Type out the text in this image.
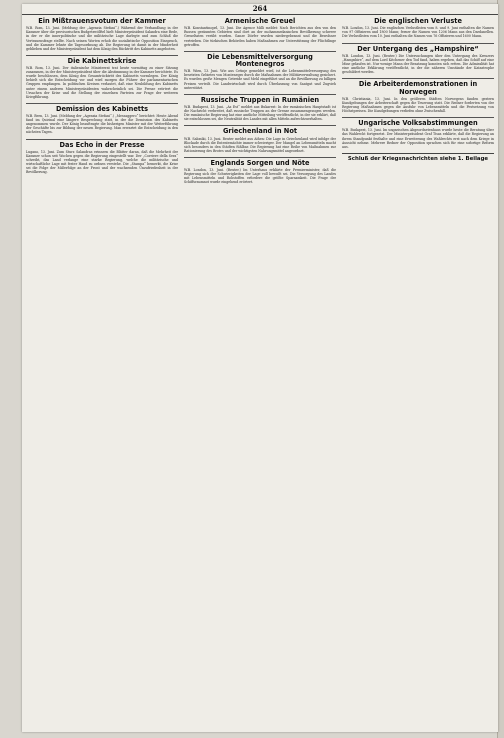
264
Ein Mißtrauensvotum der Kammer

W.B. Rom, 13. Juni. (Meldung der „Agenzia Stefani“.) Während der Verhandlung in der Kammer über die provisorischen Budgetzwölftel hielt Ministerpräsident Salandra eine Rede, in der er die innerpolitische und die militärische Lage darlegte und zum Schluß die Vertrauensfrage stellte. Nach seinen Worten erhob die sozialistische Opposition Einspruch, und die Kammer lehnte die Tagesordnung ab. Die Regierung ist damit in der Minderheit geblieben und der Ministerpräsident hat dem König den Rücktritt des Kabinetts angeboten.

Die Kabinettskrise

W.B. Rom, 13. Juni. Der italienische Ministerrat trat heute vormittag zu einer Sitzung zusammen, in der der Ministerpräsident über die Abstimmung in der Kammer berichtete. Es wurde beschlossen, dem König den Gesamtrücktritt des Kabinetts vorzulegen. Der König behielt sich die Entscheidung vor und wird morgen die Führer der parlamentarischen Gruppen empfangen. In politischen Kreisen verlautet, daß eine Neubildung des Kabinetts unter einem anderen Ministerpräsidenten wahrscheinlich sei. Die Presse erörtert die Ursachen der Krise und die Stellung der einzelnen Parteien zur Frage der weiteren Kriegführung.

Demission des Kabinetts

W.B. Bern, 13. Juni. (Meldung der „Agenzia Stefani“.) „Messaggero“ berichtet: Heute Abend fand im Quirinal eine längere Besprechung statt, in der die Demission des Kabinetts angenommen wurde. Der König beauftragte die bisherigen Minister mit der Weiterführung der Geschäfte bis zur Bildung der neuen Regierung. Man erwartet die Entscheidung in den nächsten Tagen.

Das Echo in der Presse

Lugano, 13. Juni. Zum Sturz Salandras erinnern die Blätter daran, daß die Mehrheit der Kammer schon seit Wochen gegen die Regierung eingestellt war. Der „Corriere della Sera“ schreibt, das Land verlange eine starke Regierung, welche die militärische und wirtschaftliche Lage mit fester Hand zu ordnen verstehe. Die „Stampa“ bemerkt, die Krise sei die Folge der Mißerfolge an der Front und der wachsenden Unzufriedenheit in der Bevölkerung.

Armenische Greuel

W.B. Konstantinopel, 13. Juni. Die Agence Milli meldet: Nach Berichten aus den von den Russen geräumten Gebieten sind dort an der mohammedanischen Bevölkerung schwere Greueltaten verübt worden. Ganze Dörfer wurden niedergebrannt und die Bewohner vertrieben. Die türkischen Behörden haben Maßnahmen zur Unterstützung der Flüchtlinge getroffen.

Die Lebensmittelversorgung Montenegros

W.B. Wien, 13. Juni. Wie aus Cetinje gemeldet wird, ist die Lebensmittelversorgung des besetzten Gebietes von Montenegro durch die Maßnahmen der Militärverwaltung gesichert. Es wurden große Mengen Getreide und Mehl eingeführt und an die Bevölkerung zu billigen Preisen verteilt. Die Landwirtschaft wird durch Überlassung von Saatgut und Zugvieh unterstützt.

Russische Truppen in Rumänien

W.B. Budapest, 13. Juni. „Az Est“ meldet aus Bukarest: In der rumänischen Hauptstadt ist die Nachricht verbreitet, daß russische Truppen an der Grenze zusammengezogen werden. Die rumänische Regierung hat eine amtliche Mitteilung veröffentlicht, in der sie erklärt, daß sie entschlossen sei, die Neutralität des Landes mit allen Mitteln aufrechtzuerhalten.

Griechenland in Not

W.B. Saloniki, 13. Juni. Reuter meldet aus Athen: Die Lage in Griechenland wird infolge der Blockade durch die Ententemächte immer schwieriger. Der Mangel an Lebensmitteln macht sich besonders in den Städten fühlbar. Die Regierung hat eine Reihe von Maßnahmen zur Rationierung des Brotes und der wichtigsten Nahrungsmittel angeordnet.

Englands Sorgen und Nöte

W.B. London, 13. Juni. (Reuter.) Im Unterhaus erklärte der Premierminister, daß die Regierung sich der Schwierigkeiten der Lage voll bewußt sei. Die Versorgung des Landes mit Lebensmitteln und Rohstoffen erfordere die größte Sparsamkeit. Die Frage der Schiffsraumnot wurde eingehend erörtert.

Die englischen Verluste

W.B. London, 13. Juni. Die englischen Verlustlisten vom 8. und 9. Juni enthalten die Namen von 97 Offizieren und 1800 Mann; ferner die Namen von 1206 Mann aus den Dardanellen. Die Verlustlisten vom 10. Juni enthalten die Namen von 76 Offizieren und 1600 Mann.

Der Untergang des „Hampshire“

W.B. London, 13. Juni. (Reuter.) Die Untersuchungen über den Untergang des Kreuzers „Hampshire“, auf dem Lord Kitchener den Tod fand, haben ergeben, daß das Schiff auf eine Mine gelaufen ist. Nur wenige Mann der Besatzung konnten sich retten. Die Admiralität hat eine amtliche Erklärung veröffentlicht, in der die näheren Umstände der Katastrophe geschildert werden.

Die Arbeiterdemonstrationen in Norwegen

W.B. Christiania, 13. Juni. In den größeren Städten Norwegens fanden gestern Kundgebungen der Arbeiterschaft gegen die Teuerung statt. Die Redner forderten von der Regierung Maßnahmen gegen die Ausfuhr von Lebensmitteln und die Festsetzung von Höchstpreisen. Die Kundgebungen verliefen ohne Zwischenfall.

Ungarische Volksabstimmungen

W.B. Budapest, 13. Juni. Im ungarischen Abgeordnetenhaus wurde heute die Beratung über das Wahlrecht fortgesetzt. Der Ministerpräsident Graf Tisza erklärte, daß die Regierung an ihrem Standpunkt festhalte und eine Erweiterung des Wahlrechts erst nach dem Kriege in Aussicht nehme. Mehrere Redner der Opposition sprachen sich für eine sofortige Reform aus.

Schluß der Kriegsnachrichten siehe 1. Beilage
